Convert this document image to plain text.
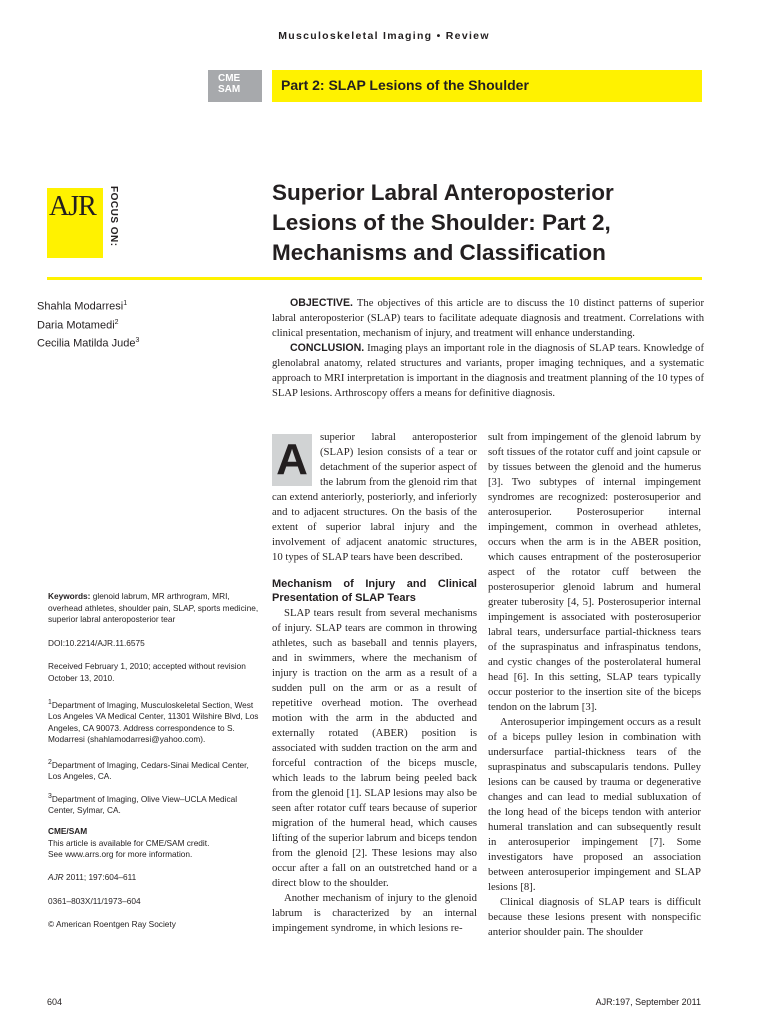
Musculoskeletal Imaging • Review
CME
SAM	Part 2: SLAP Lesions of the Shoulder
AJR FOCUS ON:	Superior Labral Anteroposterior
Lesions of the Shoulder: Part 2,
Mechanisms and Classification
Shahla Modarresi$^1$
Daria Motamedi$^2$
Cecilia Matilda Jude$^3$

OBJECTIVE. The objectives of this article are to discuss the 10 distinct patterns of superior labral anteroposterior (SLAP) tears to facilitate adequate diagnosis and treatment. Correlations with clinical presentation, mechanism of injury, and treatment will enhance understanding.

CONCLUSION. Imaging plays an important role in the diagnosis of SLAP tears. Knowledge of glenolabral anatomy, related structures and variants, proper imaging techniques, and a systematic approach to MRI interpretation is important in the diagnosis and treatment planning of the 10 types of SLAP lesions. Arthroscopy offers a means for definitive diagnosis.

A	superior labral anteroposterior (SLAP) lesion consists of a tear or detachment of the superior aspect of the labrum from the glenoid rim that can extend anteriorly, posteriorly, and inferiorly and to adjacent structures. On the basis of the extent of superior labral injury and the involvement of adjacent anatomic structures, 10 types of SLAP tears have been described.

Mechanism of Injury and Clinical Presentation of SLAP Tears

SLAP tears result from several mechanisms of injury. SLAP tears are common in throwing athletes, such as baseball and tennis players, and in swimmers, where the mechanism of injury is traction on the arm as a result of a sudden pull on the arm or as a result of repetitive overhead motion. The overhead motion with the arm in the abducted and externally rotated (ABER) position is associated with sudden traction on the arm and forceful contraction of the biceps muscle, which leads to the labrum being peeled back from the glenoid [1]. SLAP lesions may also be seen after rotator cuff tears because of superior migration of the humeral head, which causes lifting of the superior labrum and biceps tendon from the glenoid [2]. These lesions may also occur after a fall on an outstretched hand or a direct blow to the shoulder.

Another mechanism of injury to the glenoid labrum is characterized by an internal impingement syndrome, in which lesions re-

sult from impingement of the glenoid labrum by soft tissues of the rotator cuff and joint capsule or by tissues between the glenoid and the humerus [3]. Two subtypes of internal impingement syndromes are recognized: posterosuperior and anterosuperior. Posterosuperior internal impingement, common in overhead athletes, occurs when the arm is in the ABER position, which causes entrapment of the posterosuperior aspect of the rotator cuff between the posterosuperior glenoid labrum and humeral greater tuberosity [4, 5]. Posterosuperior internal impingement is associated with posterosuperior labral tears, undersurface partial-thickness tears of the supraspinatus and infraspinatus tendons, and cystic changes of the posterolateral humeral head [6]. In this setting, SLAP tears typically occur posterior to the insertion site of the biceps tendon on the labrum [3].

Anterosuperior impingement occurs as a result of a biceps pulley lesion in combination with undersurface partial-thickness tears of the supraspinatus and subscapularis tendons. Pulley lesions can be caused by trauma or degenerative changes and can lead to medial subluxation of the long head of the biceps tendon with anterior humeral translation and can subsequently result in anterosuperior impingement [7]. Some investigators have proposed an association between anterosuperior impingement and SLAP lesions [8].

Clinical diagnosis of SLAP tears is difficult because these lesions present with nonspecific anterior shoulder pain. The shoulder

Keywords: glenoid labrum, MR arthrogram, MRI, overhead athletes, shoulder pain, SLAP, sports medicine, superior labral anteroposterior tear
DOI:10.2214/AJR.11.6575
Received February 1, 2010; accepted without revision October 13, 2010.
$^1$Department of Imaging, Musculoskeletal Section, West Los Angeles VA Medical Center, 11301 Wilshire Blvd, Los Angeles, CA 90073. Address correspondence to S. Modarresi (shahlamodarresi@yahoo.com).
$^2$Department of Imaging, Cedars-Sinai Medical Center, Los Angeles, CA.
$^3$Department of Imaging, Olive View–UCLA Medical Center, Sylmar, CA.
CME/SAM
This article is available for CME/SAM credit.
See www.arrs.org for more information.
AJR 2011; 197:604–611
0361–803X/11/1973–604
© American Roentgen Ray Society
604	AJR:197, September 2011
